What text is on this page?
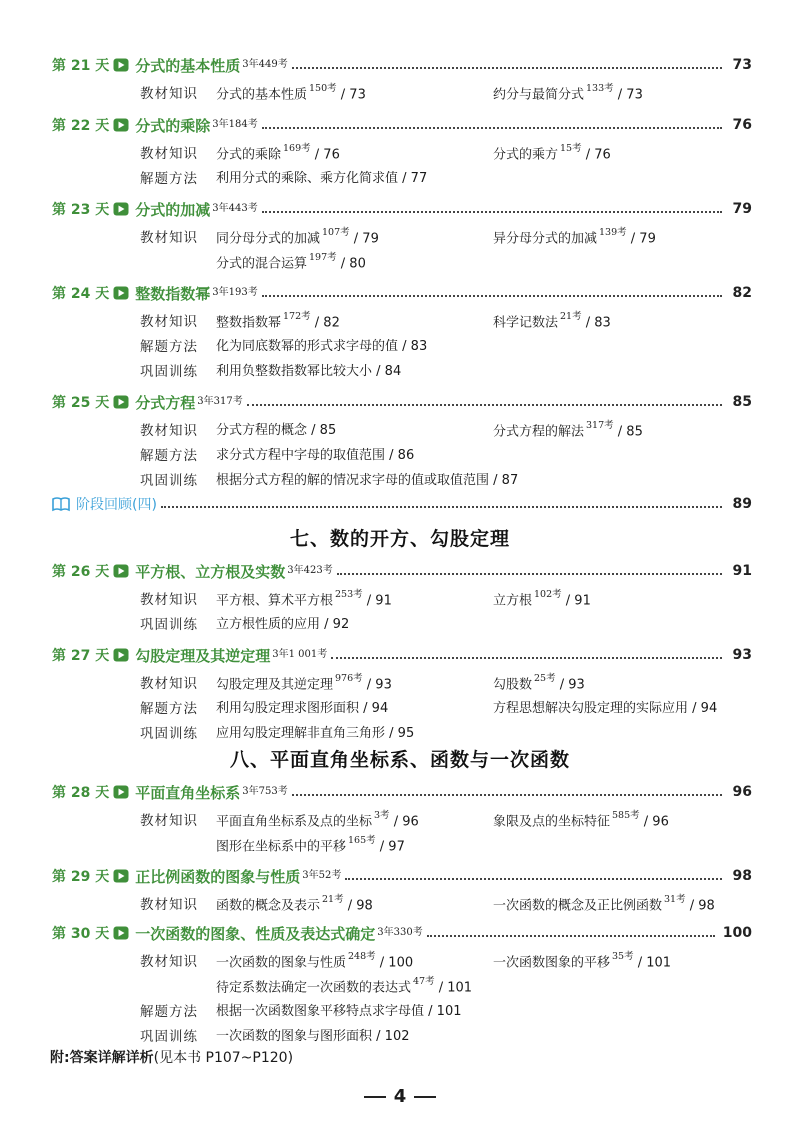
第 21 天 分式的基本性质 3年449考	73
教材知识 分式的基本性质 $^{150考}$ / 73	约分与最简分式 $^{133考}$ / 73
第 22 天 分式的乘除 3年184考	76
教材知识 分式的乘除 $^{169考}$ / 76	分式的乘方 $^{15考}$ / 76
解题方法 利用分式的乘除、乘方化简求值 / 77
第 23 天 分式的加减 3年443考	79
教材知识 同分母分式的加减 $^{107考}$ / 79	异分母分式的加减 $^{139考}$ / 79
分式的混合运算 $^{197考}$ / 80
第 24 天 整数指数幂 3年193考	82
教材知识 整数指数幂 $^{172考}$ / 82	科学记数法 $^{21考}$ / 83
解题方法 化为同底数幂的形式求字母的值 / 83
巩固训练 利用负整数指数幂比较大小 / 84
第 25 天 分式方程 3年317考	85
教材知识 分式方程的概念 / 85	分式方程的解法 $^{317考}$ / 85
解题方法 求分式方程中字母的取值范围 / 86
巩固训练 根据分式方程的解的情况求字母的值或取值范围 / 87
第 26 天 平方根、立方根及实数 3年423考	91
教材知识 平方根、算术平方根 $^{253考}$ / 91	立方根 $^{102考}$ / 91
巩固训练 立方根性质的应用 / 92
第 27 天 勾股定理及其逆定理 3年1 001考	93
教材知识 勾股定理及其逆定理 $^{976考}$ / 93	勾股数 $^{25考}$ / 93
解题方法 利用勾股定理求图形面积 / 94	方程思想解决勾股定理的实际应用 / 94
巩固训练 应用勾股定理解非直角三角形 / 95
第 28 天 平面直角坐标系 3年753考	96
教材知识 平面直角坐标系及点的坐标 $^{3考}$ / 96	象限及点的坐标特征 $^{585考}$ / 96
图形在坐标系中的平移 $^{165考}$ / 97
第 29 天 正比例函数的图象与性质 3年52考	98
教材知识 函数的概念及表示 $^{21考}$ / 98	一次函数的概念及正比例函数 $^{31考}$ / 98
第 30 天 一次函数的图象、性质及表达式确定 3年330考	100
教材知识 一次函数的图象与性质 $^{248考}$ / 100	一次函数图象的平移 $^{35考}$ / 101
待定系数法确定一次函数的表达式 $^{47考}$ / 101
解题方法 根据一次函数图象平移特点求字母值 / 101
巩固训练 一次函数的图象与图形面积 / 102
阶段回顾(四)	89
七、数的开方、勾股定理
八、平面直角坐标系、函数与一次函数
附:答案详解详析(见本书 P107~P120)
4
